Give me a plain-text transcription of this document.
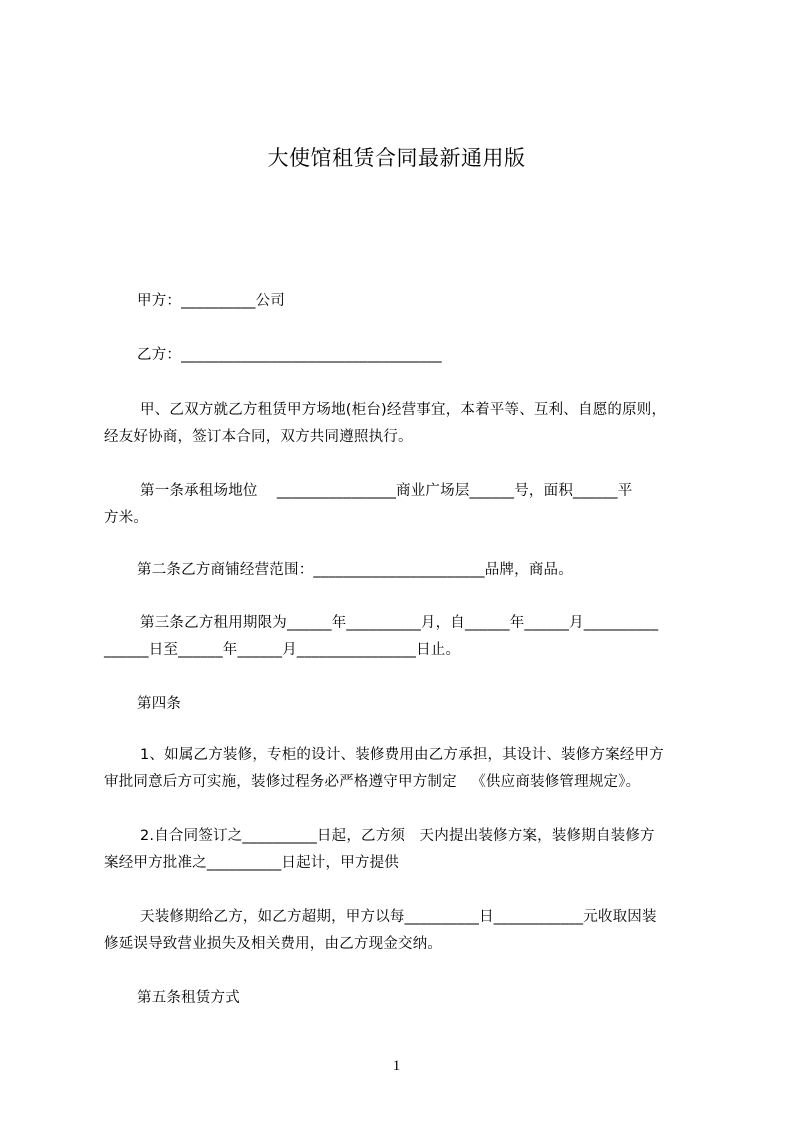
大使馆租赁合同最新通用版
甲方：__________公司
乙方：___________________________________
甲、乙双方就乙方租赁甲方场地(柜台)经营事宜，本着平等、互利、自愿的原则，
经友好协商，签订本合同，双方共同遵照执行。
第一条承租场地位    ________________商业广场层______号，面积______平
方米。
第二条乙方商铺经营范围：_______________________品牌，商品。
第三条乙方租用期限为______年__________月，自______年______月__________
______日至______年______月________________日止。
第四条
1、如属乙方装修，专柜的设计、装修费用由乙方承担，其设计、装修方案经甲方
审批同意后方可实施，装修过程务必严格遵守甲方制定   《供应商装修管理规定》。
2.自合同签订之__________日起，乙方须   天内提出装修方案，装修期自装修方
案经甲方批准之__________日起计，甲方提供
天装修期给乙方，如乙方超期，甲方以每__________日____________元收取因装
修延误导致营业损失及相关费用，由乙方现金交纳。
第五条租赁方式
1
